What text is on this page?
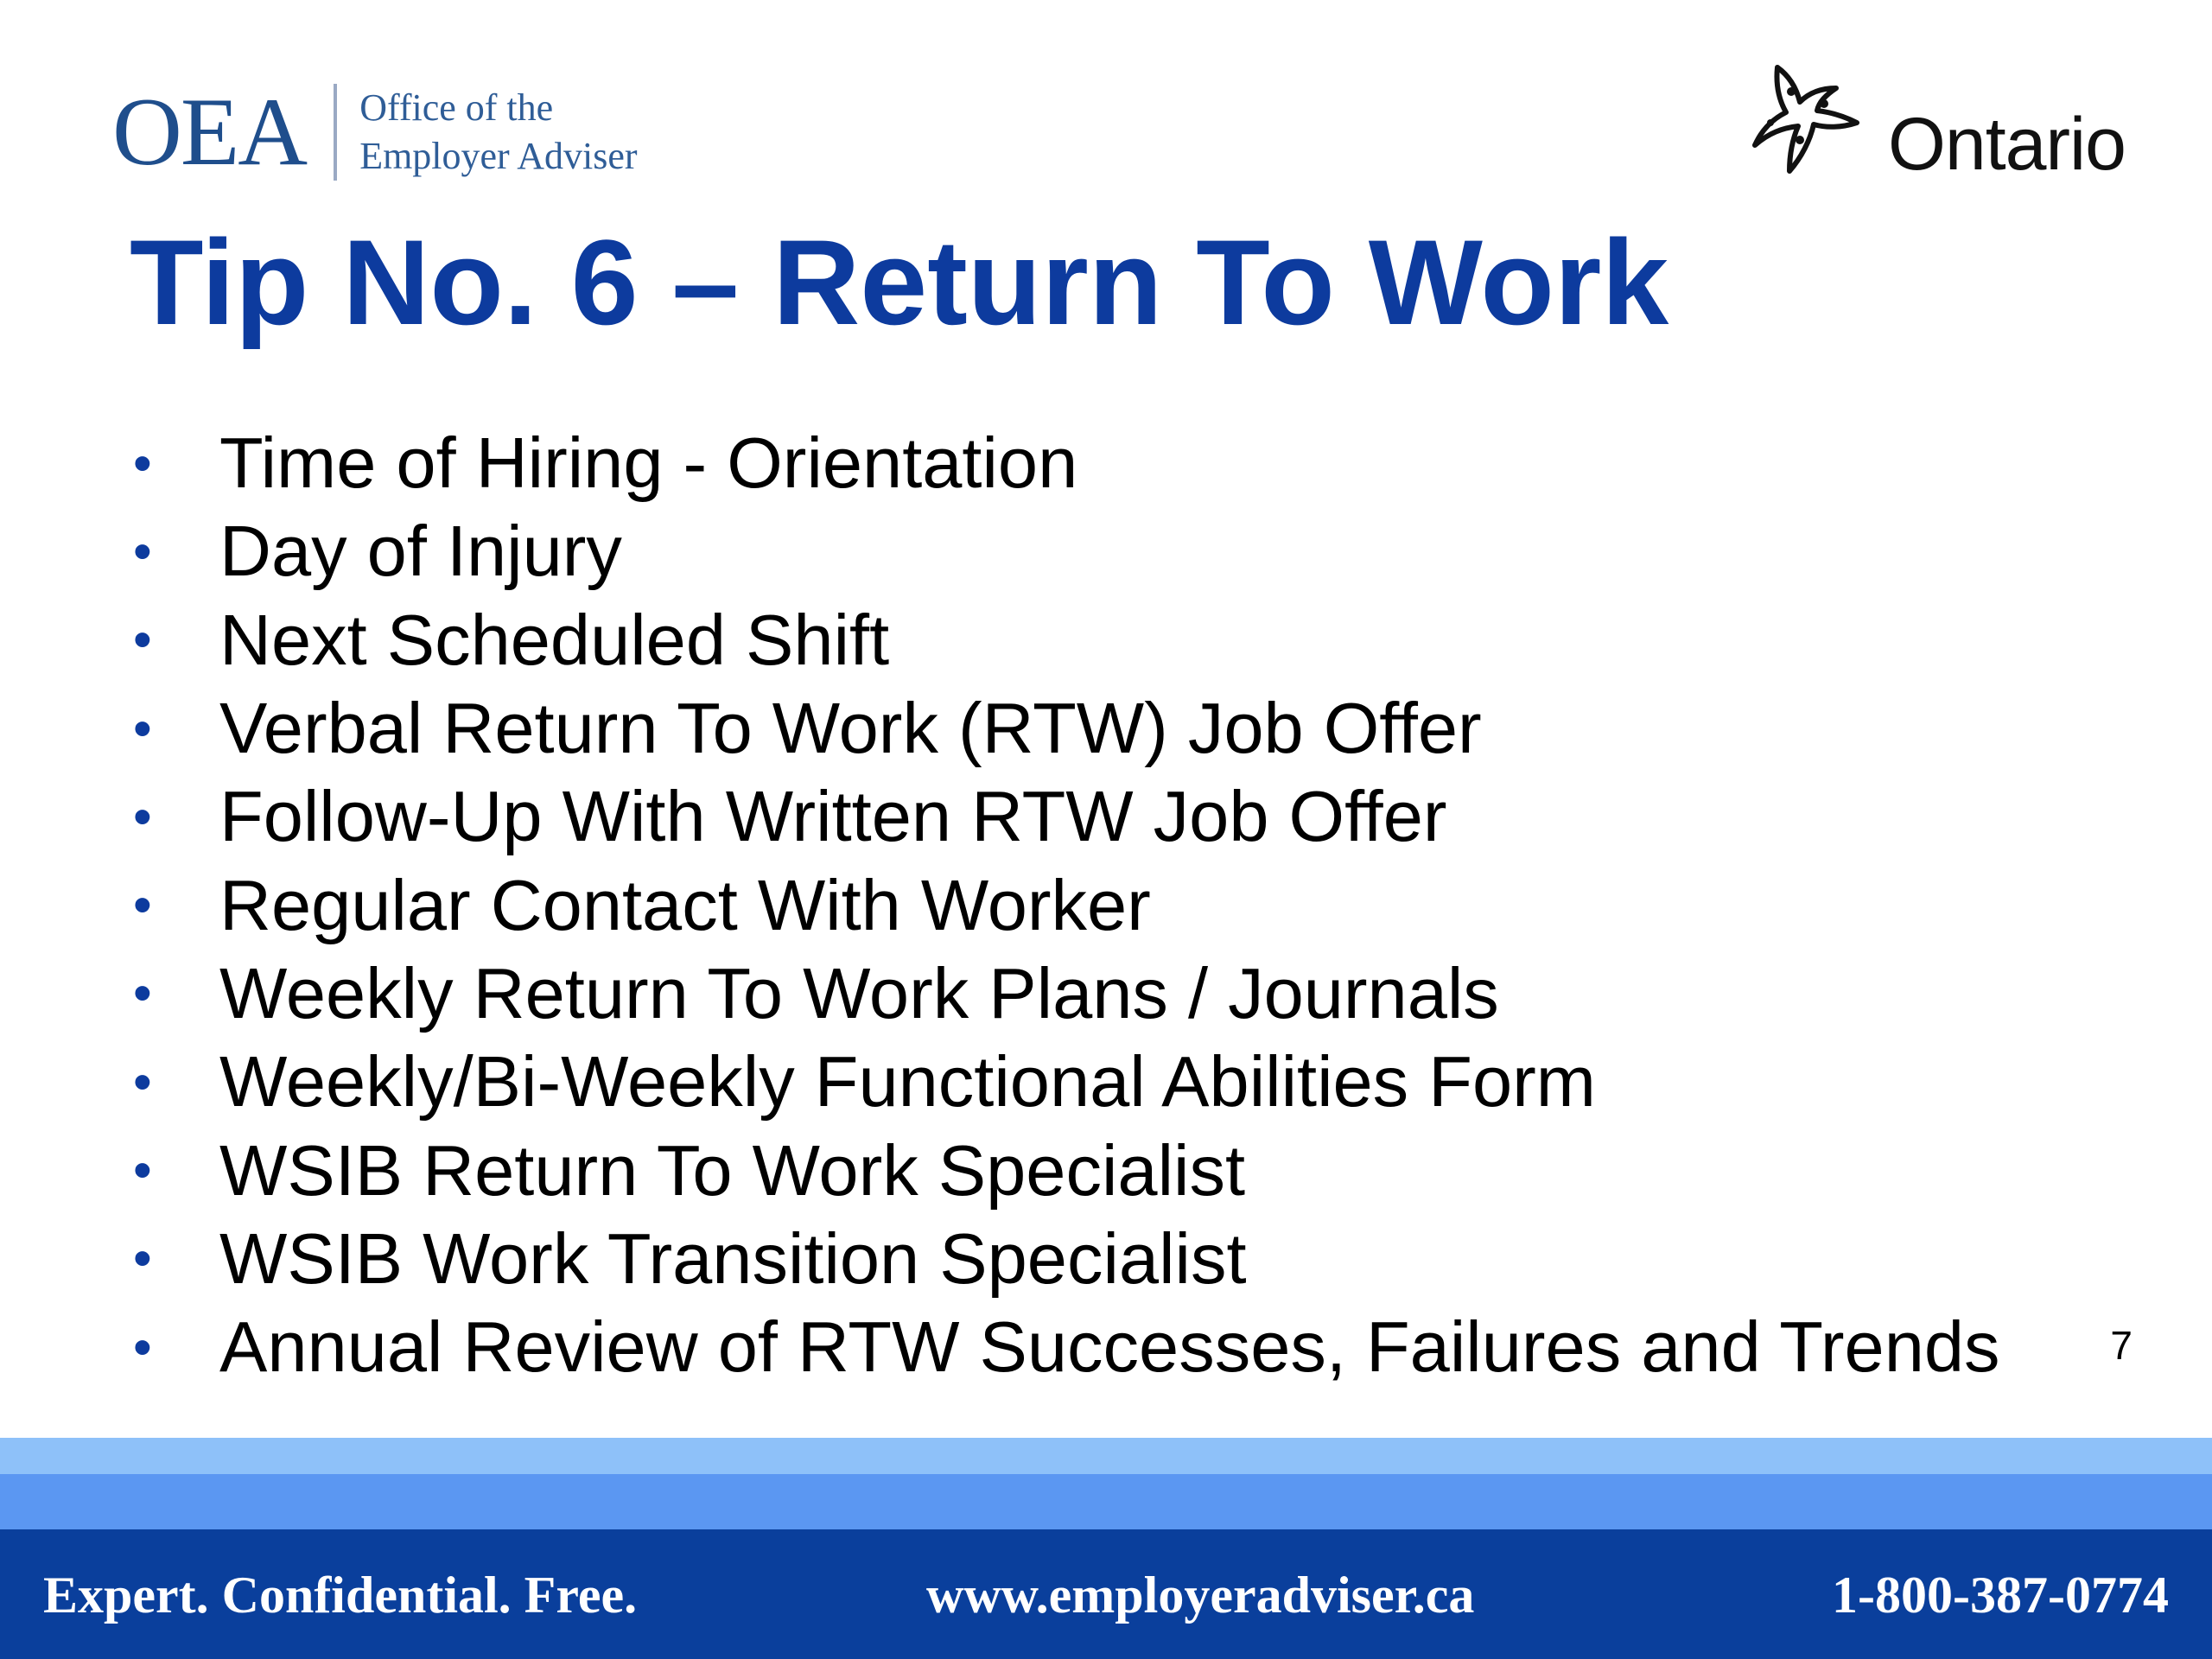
OEA Office of the
Employer Adviser	Ontario
Tip No. 6 – Return To Work
• Time of Hiring - Orientation
• Day of Injury
• Next Scheduled Shift
• Verbal Return To Work (RTW) Job Offer
• Follow-Up With Written RTW Job Offer
• Regular Contact With Worker
• Weekly Return To Work Plans / Journals
• Weekly/Bi-Weekly Functional Abilities Form
• WSIB Return To Work Specialist
• WSIB Work Transition Specialist
• Annual Review of RTW Successes, Failures and Trends	7
Expert. Confidential. Free.	www.employeradviser.ca	1-800-387-0774
